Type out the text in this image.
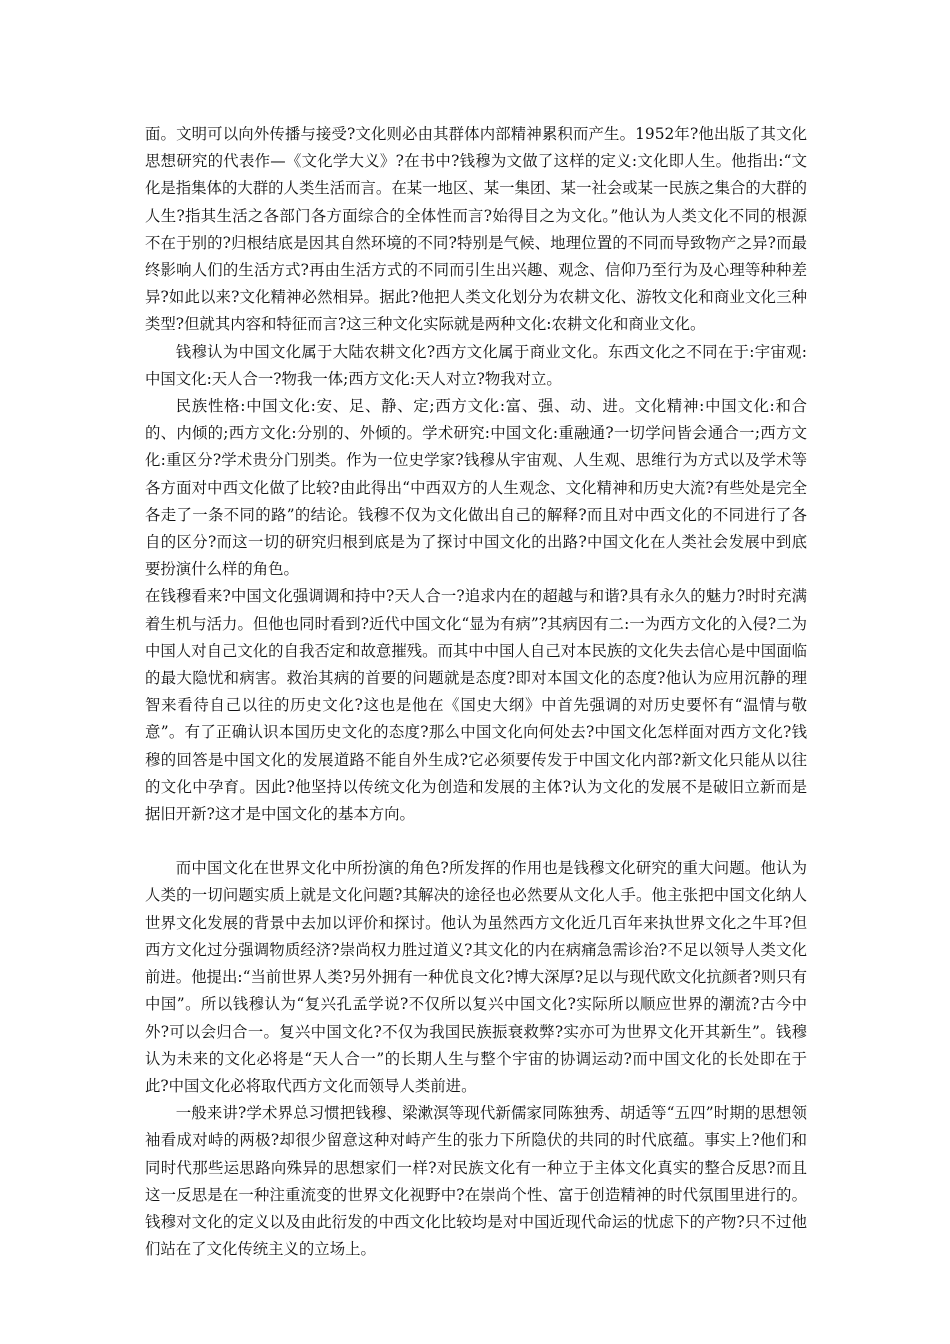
面。文明可以向外传播与接受?文化则必由其群体内部精神累积而产生。1952年?他出版了其文化思想研究的代表作—《文化学大义》?在书中?钱穆为文做了这样的定义:文化即人生。他指出:“文化是指集体的大群的人类生活而言。在某一地区、某一集团、某一社会或某一民族之集合的大群的人生?指其生活之各部门各方面综合的全体性而言?始得目之为文化。”他认为人类文化不同的根源不在于别的?归根结底是因其自然环境的不同?特别是气候、地理位置的不同而导致物产之异?而最终影响人们的生活方式?再由生活方式的不同而引生出兴趣、观念、信仰乃至行为及心理等种种差异?如此以来?文化精神必然相异。据此?他把人类文化划分为农耕文化、游牧文化和商业文化三种类型?但就其内容和特征而言?这三种文化实际就是两种文化:农耕文化和商业文化。

钱穆认为中国文化属于大陆农耕文化?西方文化属于商业文化。东西文化之不同在于:宇宙观:中国文化:天人合一?物我一体;西方文化:天人对立?物我对立。

民族性格:中国文化:安、足、静、定;西方文化:富、强、动、进。文化精神:中国文化:和合的、内倾的;西方文化:分别的、外倾的。学术研究:中国文化:重融通?一切学问皆会通合一;西方文化:重区分?学术贵分门别类。作为一位史学家?钱穆从宇宙观、人生观、思维行为方式以及学术等各方面对中西文化做了比较?由此得出“中西双方的人生观念、文化精神和历史大流?有些处是完全各走了一条不同的路”的结论。钱穆不仅为文化做出自己的解释?而且对中西文化的不同进行了各自的区分?而这一切的研究归根到底是为了探讨中国文化的出路?中国文化在人类社会发展中到底要扮演什么样的角色。

在钱穆看来?中国文化强调调和持中?天人合一?追求内在的超越与和谐?具有永久的魅力?时时充满着生机与活力。但他也同时看到?近代中国文化“显为有病”?其病因有二:一为西方文化的入侵?二为中国人对自己文化的自我否定和故意摧残。而其中中国人自己对本民族的文化失去信心是中国面临的最大隐忧和病害。救治其病的首要的问题就是态度?即对本国文化的态度?他认为应用沉静的理智来看待自己以往的历史文化?这也是他在《国史大纲》中首先强调的对历史要怀有“温情与敬意”。有了正确认识本国历史文化的态度?那么中国文化向何处去?中国文化怎样面对西方文化?钱穆的回答是中国文化的发展道路不能自外生成?它必须要传发于中国文化内部?新文化只能从以往的文化中孕育。因此?他坚持以传统文化为创造和发展的主体?认为文化的发展不是破旧立新而是据旧开新?这才是中国文化的基本方向。

而中国文化在世界文化中所扮演的角色?所发挥的作用也是钱穆文化研究的重大问题。他认为人类的一切问题实质上就是文化问题?其解决的途径也必然要从文化人手。他主张把中国文化纳人世界文化发展的背景中去加以评价和探讨。他认为虽然西方文化近几百年来执世界文化之牛耳?但西方文化过分强调物质经济?崇尚权力胜过道义?其文化的内在病痛急需诊治?不足以领导人类文化前进。他提出:“当前世界人类?另外拥有一种优良文化?博大深厚?足以与现代欧文化抗颜者?则只有中国”。所以钱穆认为“复兴孔孟学说?不仅所以复兴中国文化?实际所以顺应世界的潮流?古今中外?可以会归合一。复兴中国文化?不仅为我国民族振衰救弊?实亦可为世界文化开其新生”。钱穆认为未来的文化必将是“天人合一”的长期人生与整个宇宙的协调运动?而中国文化的长处即在于此?中国文化必将取代西方文化而领导人类前进。

一般来讲?学术界总习惯把钱穆、梁漱溟等现代新儒家同陈独秀、胡适等“五四”时期的思想领袖看成对峙的两极?却很少留意这种对峙产生的张力下所隐伏的共同的时代底蕴。事实上?他们和同时代那些运思路向殊异的思想家们一样?对民族文化有一种立于主体文化真实的整合反思?而且这一反思是在一种注重流变的世界文化视野中?在崇尚个性、富于创造精神的时代氛围里进行的。钱穆对文化的定义以及由此衍发的中西文化比较均是对中国近现代命运的忧虑下的产物?只不过他们站在了文化传统主义的立场上。
